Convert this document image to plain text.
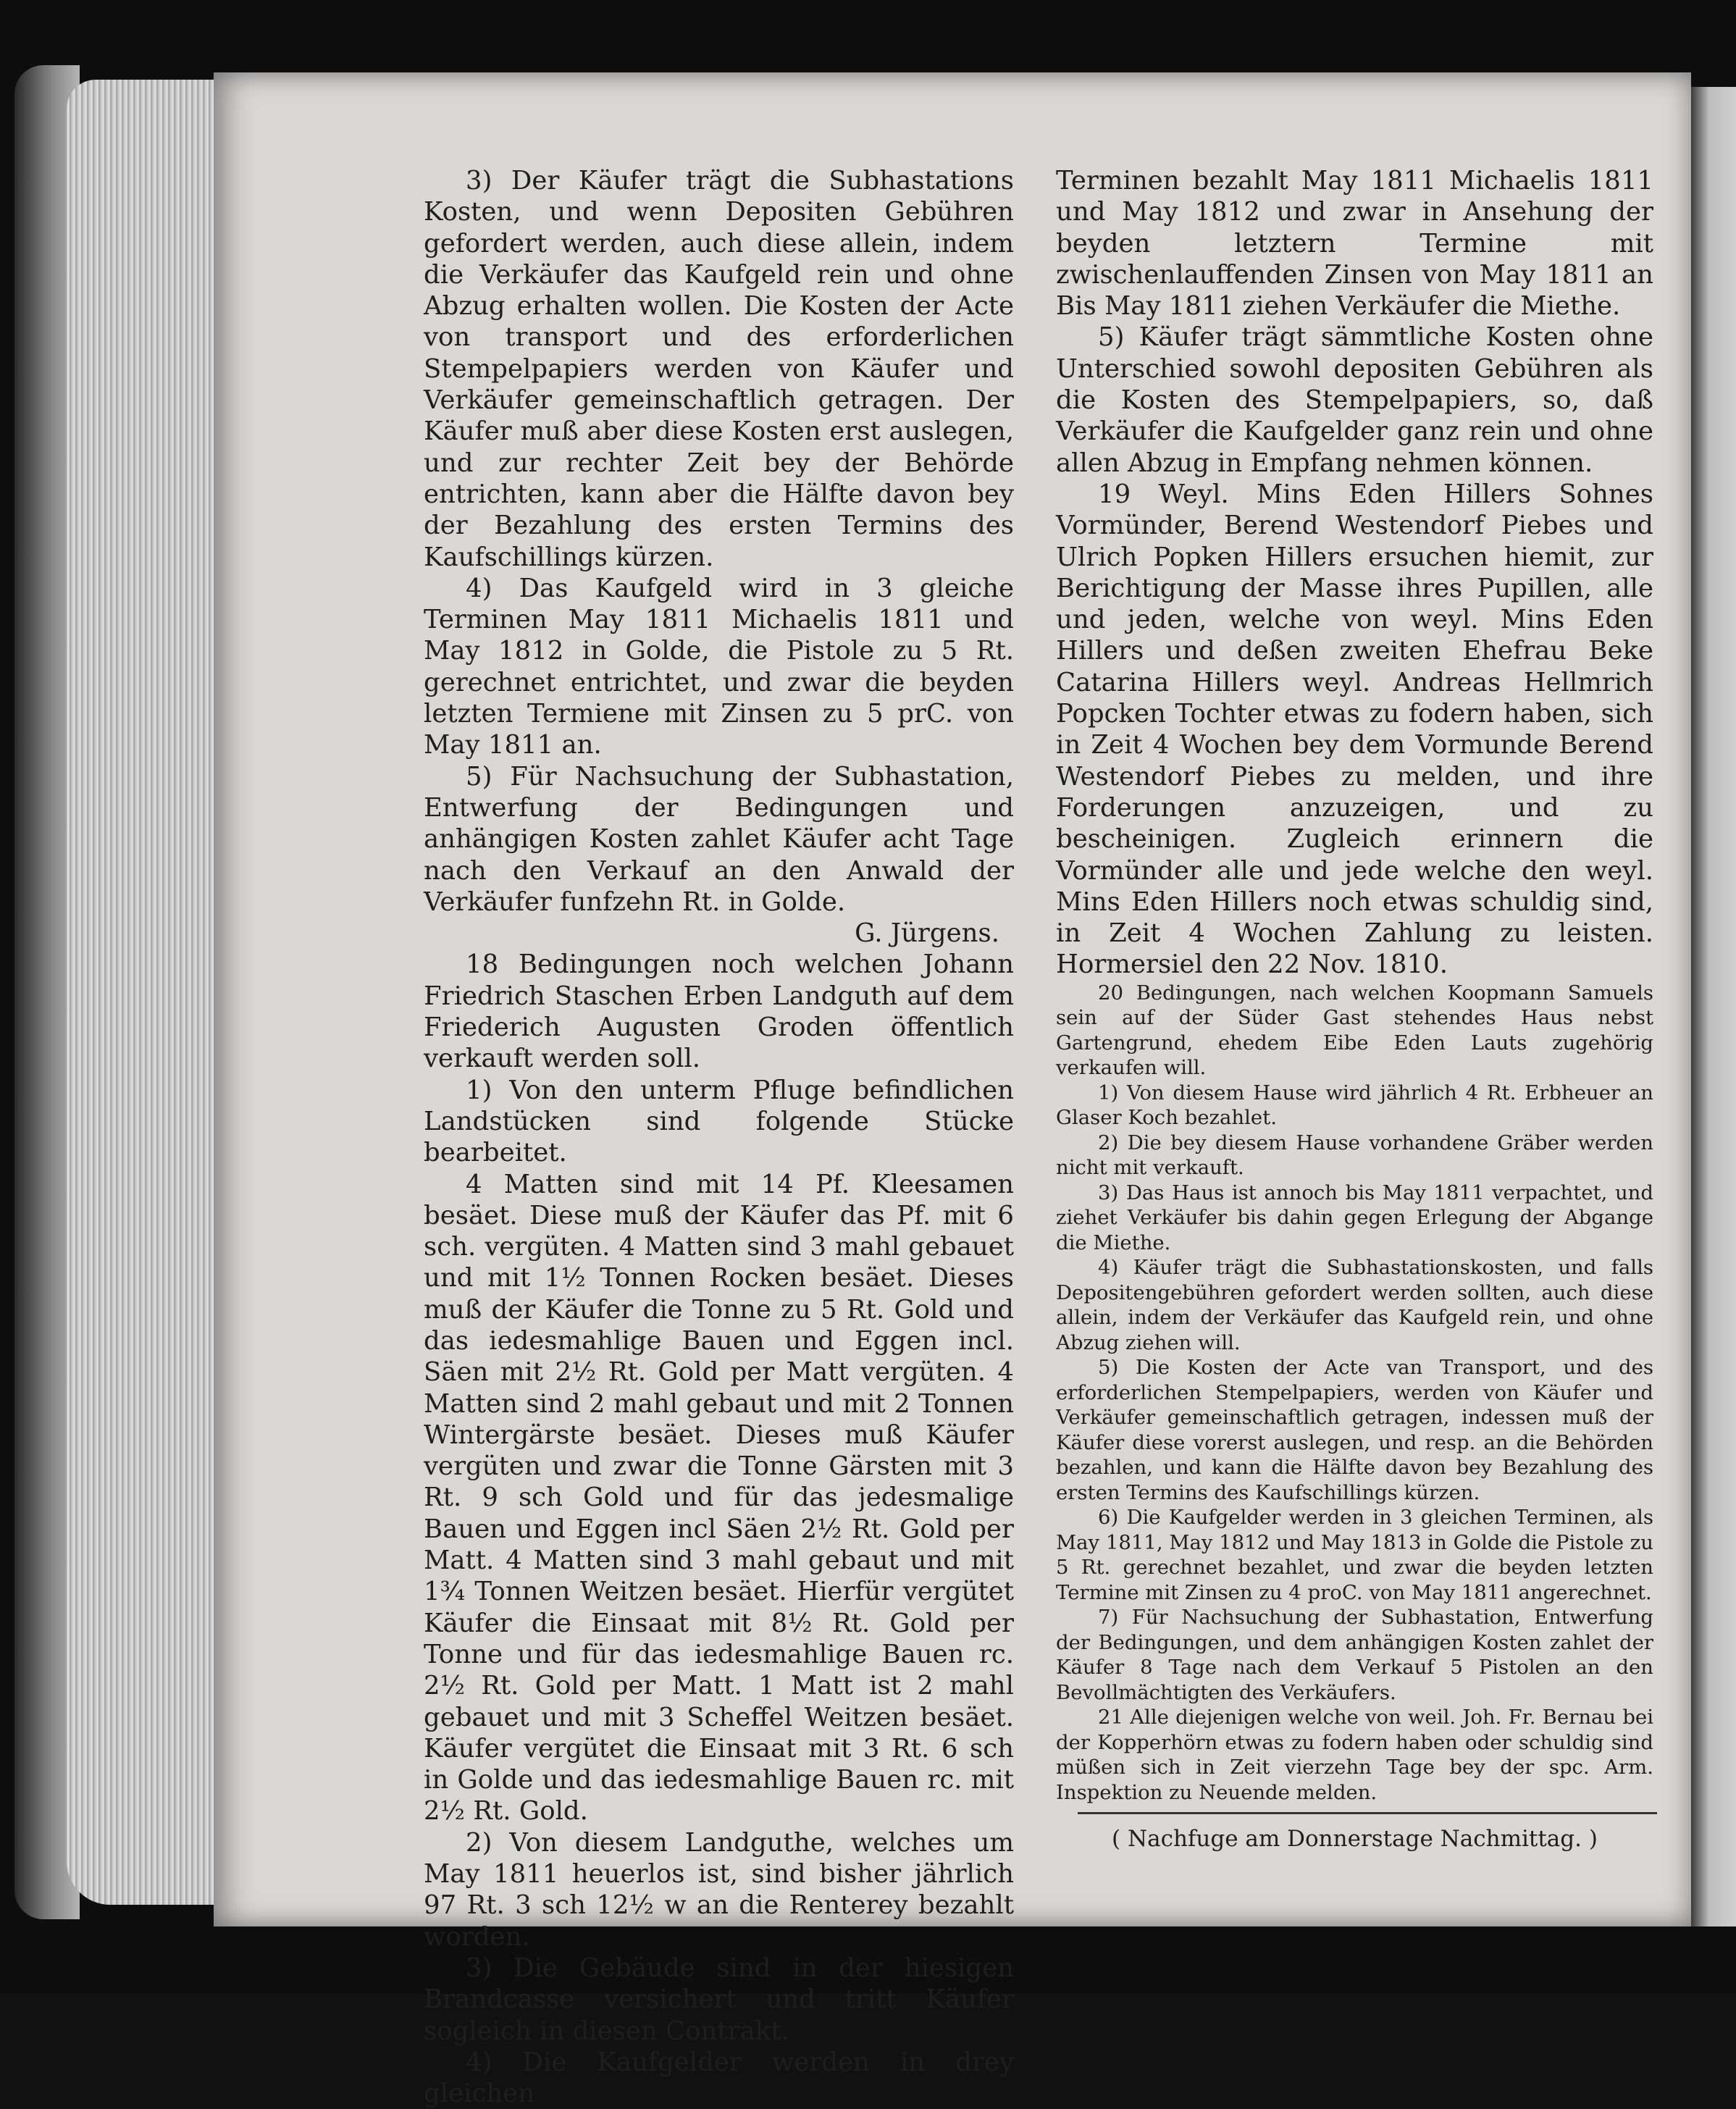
3) Der Käufer trägt die Subhastations Kosten, und wenn Depositen Gebühren gefordert werden, auch diese allein, indem die Verkäufer das Kaufgeld rein und ohne Abzug erhalten wollen. Die Kosten der Acte von transport und des erforderlichen Stempelpapiers werden von Käufer und Verkäufer gemeinschaftlich getragen. Der Käufer muß aber diese Kosten erst auslegen, und zur rechter Zeit bey der Behörde entrichten, kann aber die Hälfte davon bey der Bezahlung des ersten Termins des Kaufschillings kürzen.

4) Das Kaufgeld wird in 3 gleiche Terminen May 1811 Michaelis 1811 und May 1812 in Golde, die Pistole zu 5 Rt. gerechnet entrichtet, und zwar die beyden letzten Termiene mit Zinsen zu 5 prC. von May 1811 an.

5) Für Nachsuchung der Subhastation, Entwerfung der Bedingungen und anhängigen Kosten zahlet Käufer acht Tage nach den Verkauf an den Anwald der Verkäufer funfzehn Rt. in Golde.

G. Jürgens.

18 Bedingungen noch welchen Johann Friedrich Staschen Erben Landguth auf dem Friederich Augusten Groden öffentlich verkauft werden soll.

1) Von den unterm Pfluge befindlichen Landstücken sind folgende Stücke bearbeitet.

4 Matten sind mit 14 Pf. Kleesamen besäet. Diese muß der Käufer das Pf. mit 6 sch. vergüten. 4 Matten sind 3 mahl gebauet und mit 1½ Tonnen Rocken besäet. Dieses muß der Käufer die Tonne zu 5 Rt. Gold und das iedesmahlige Bauen und Eggen incl. Säen mit 2½ Rt. Gold per Matt vergüten. 4 Matten sind 2 mahl gebaut und mit 2 Tonnen Wintergärste besäet. Dieses muß Käufer vergüten und zwar die Tonne Gärsten mit 3 Rt. 9 sch Gold und für das jedesmalige Bauen und Eggen incl Säen 2½ Rt. Gold per Matt. 4 Matten sind 3 mahl gebaut und mit 1¾ Tonnen Weitzen besäet. Hierfür vergütet Käufer die Einsaat mit 8½ Rt. Gold per Tonne und für das iedesmahlige Bauen rc. 2½ Rt. Gold per Matt. 1 Matt ist 2 mahl gebauet und mit 3 Scheffel Weitzen besäet. Käufer vergütet die Einsaat mit 3 Rt. 6 sch in Golde und das iedesmahlige Bauen rc. mit 2½ Rt. Gold.

2) Von diesem Landguthe, welches um May 1811 heuerlos ist, sind bisher jährlich 97 Rt. 3 sch 12½ w an die Renterey bezahlt worden.

3) Die Gebäude sind in der hiesigen Brandcasse versichert und tritt Käufer sogleich in diesen Contrakt.

4) Die Kaufgelder werden in drey gleichen

Terminen bezahlt May 1811 Michaelis 1811 und May 1812 und zwar in Ansehung der beyden letztern Termine mit zwischenlauffenden Zinsen von May 1811 an Bis May 1811 ziehen Verkäufer die Miethe.

5) Käufer trägt sämmtliche Kosten ohne Unterschied sowohl depositen Gebühren als die Kosten des Stempelpapiers, so, daß Verkäufer die Kaufgelder ganz rein und ohne allen Abzug in Empfang nehmen können.

19 Weyl. Mins Eden Hillers Sohnes Vormünder, Berend Westendorf Piebes und Ulrich Popken Hillers ersuchen hiemit, zur Berichtigung der Masse ihres Pupillen, alle und jeden, welche von weyl. Mins Eden Hillers und deßen zweiten Ehefrau Beke Catarina Hillers weyl. Andreas Hellmrich Popcken Tochter etwas zu fodern haben, sich in Zeit 4 Wochen bey dem Vormunde Berend Westendorf Piebes zu melden, und ihre Forderungen anzuzeigen, und zu bescheinigen. Zugleich erinnern die Vormünder alle und jede welche den weyl. Mins Eden Hillers noch etwas schuldig sind, in Zeit 4 Wochen Zahlung zu leisten. Hormersiel den 22 Nov. 1810.

20 Bedingungen, nach welchen Koopmann Samuels sein auf der Süder Gast stehendes Haus nebst Gartengrund, ehedem Eibe Eden Lauts zugehörig verkaufen will.

1) Von diesem Hause wird jährlich 4 Rt. Erbheuer an Glaser Koch bezahlet.

2) Die bey diesem Hause vorhandene Gräber werden nicht mit verkauft.

3) Das Haus ist annoch bis May 1811 verpachtet, und ziehet Verkäufer bis dahin gegen Erlegung der Abgange die Miethe.

4) Käufer trägt die Subhastationskosten, und falls Depositengebühren gefordert werden sollten, auch diese allein, indem der Verkäufer das Kaufgeld rein, und ohne Abzug ziehen will.

5) Die Kosten der Acte van Transport, und des erforderlichen Stempelpapiers, werden von Käufer und Verkäufer gemeinschaftlich getragen, indessen muß der Käufer diese vorerst auslegen, und resp. an die Behörden bezahlen, und kann die Hälfte davon bey Bezahlung des ersten Termins des Kaufschillings kürzen.

6) Die Kaufgelder werden in 3 gleichen Terminen, als May 1811, May 1812 und May 1813 in Golde die Pistole zu 5 Rt. gerechnet bezahlet, und zwar die beyden letzten Termine mit Zinsen zu 4 proC. von May 1811 angerechnet.

7) Für Nachsuchung der Subhastation, Entwerfung der Bedingungen, und dem anhängigen Kosten zahlet der Käufer 8 Tage nach dem Verkauf 5 Pistolen an den Bevollmächtigten des Verkäufers.

21 Alle diejenigen welche von weil. Joh. Fr. Bernau bei der Kopperhörn etwas zu fodern haben oder schuldig sind müßen sich in Zeit vierzehn Tage bey der spc. Arm. Inspektion zu Neuende melden.

( Nachfuge am Donnerstage Nachmittag. )
